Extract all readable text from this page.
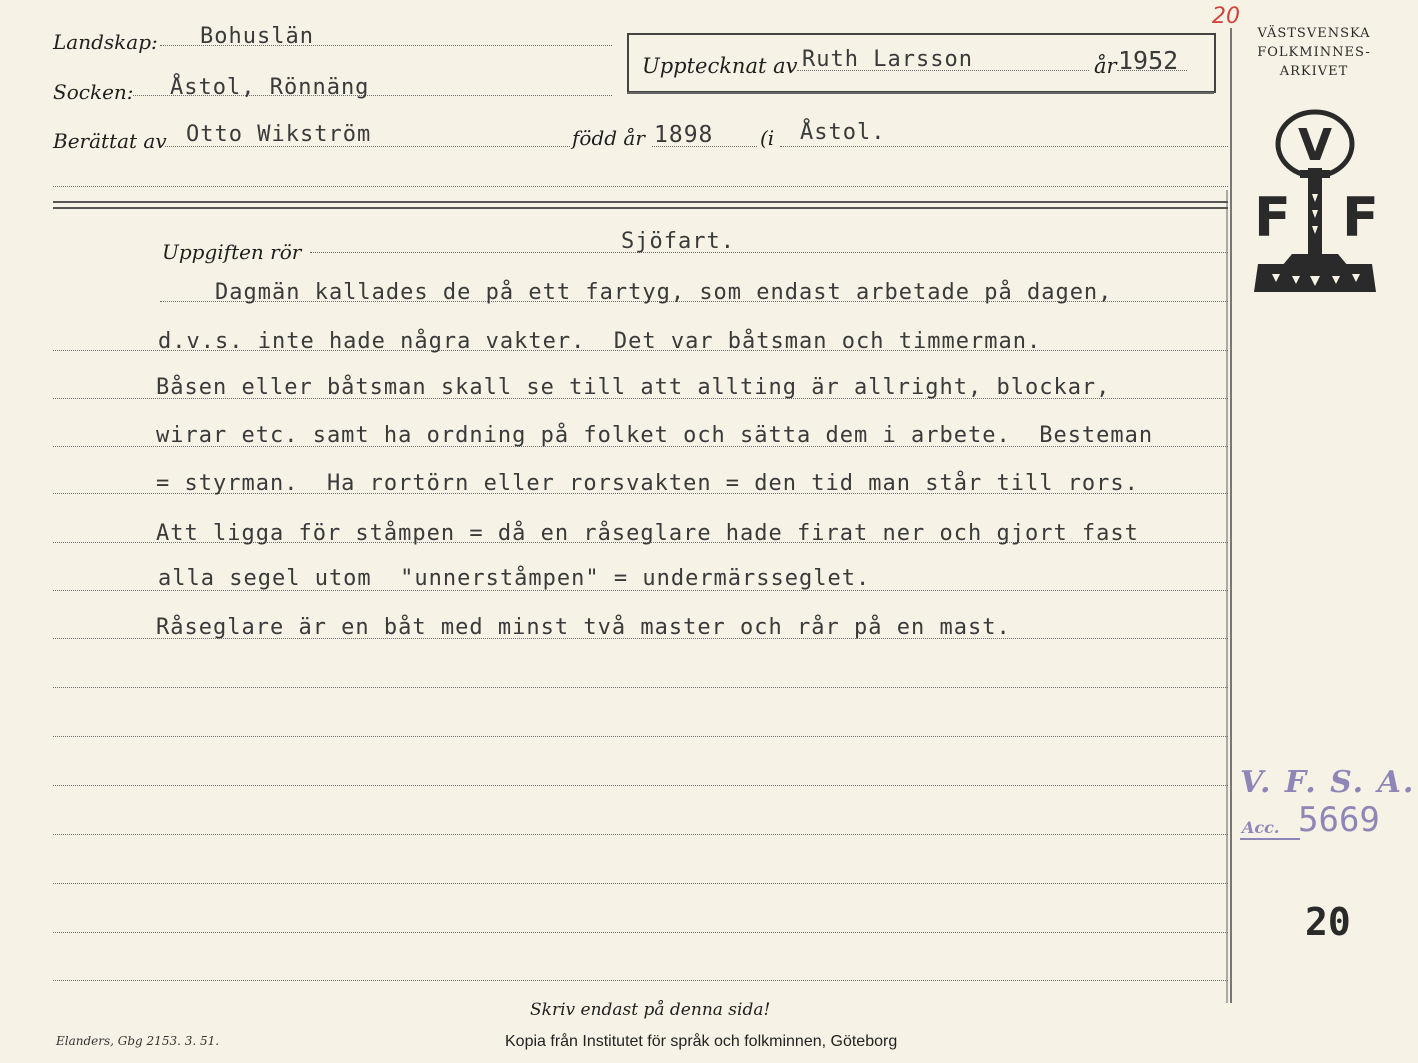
Landskap: Bohuslän
Socken: Åstol, Rönnäng
Berättat av Otto Wikström	född år 1898 (i Åstol.
Upptecknat av Ruth Larsson	år 1952
Uppgiften rör	Sjöfart.
Dagmän kallades de på ett fartyg, som endast arbetade på dagen,
d.v.s. inte hade några vakter.  Det var båtsman och timmerman.
Båsen eller båtsman skall se till att allting är allright, blockar,
wirar etc. samt ha ordning på folket och sätta dem i arbete.  Besteman
= styrman.  Ha rortörn eller rorsvakten = den tid man står till rors.
Att ligga för ståmpen = då en råseglare hade firat ner och gjort fast
alla segel utom  "unnerståmpen" = undermärsseglet.
Råseglare är en båt med minst två master och rår på en mast.
VÄSTSVENSKA
FOLKMINNES-
ARKIVET
20
V
F F
V. F. S. A.
Acc. 5669
20
Skriv endast på denna sida!
Elanders, Gbg 2153. 3. 51.	Kopia från Institutet för språk och folkminnen, Göteborg
